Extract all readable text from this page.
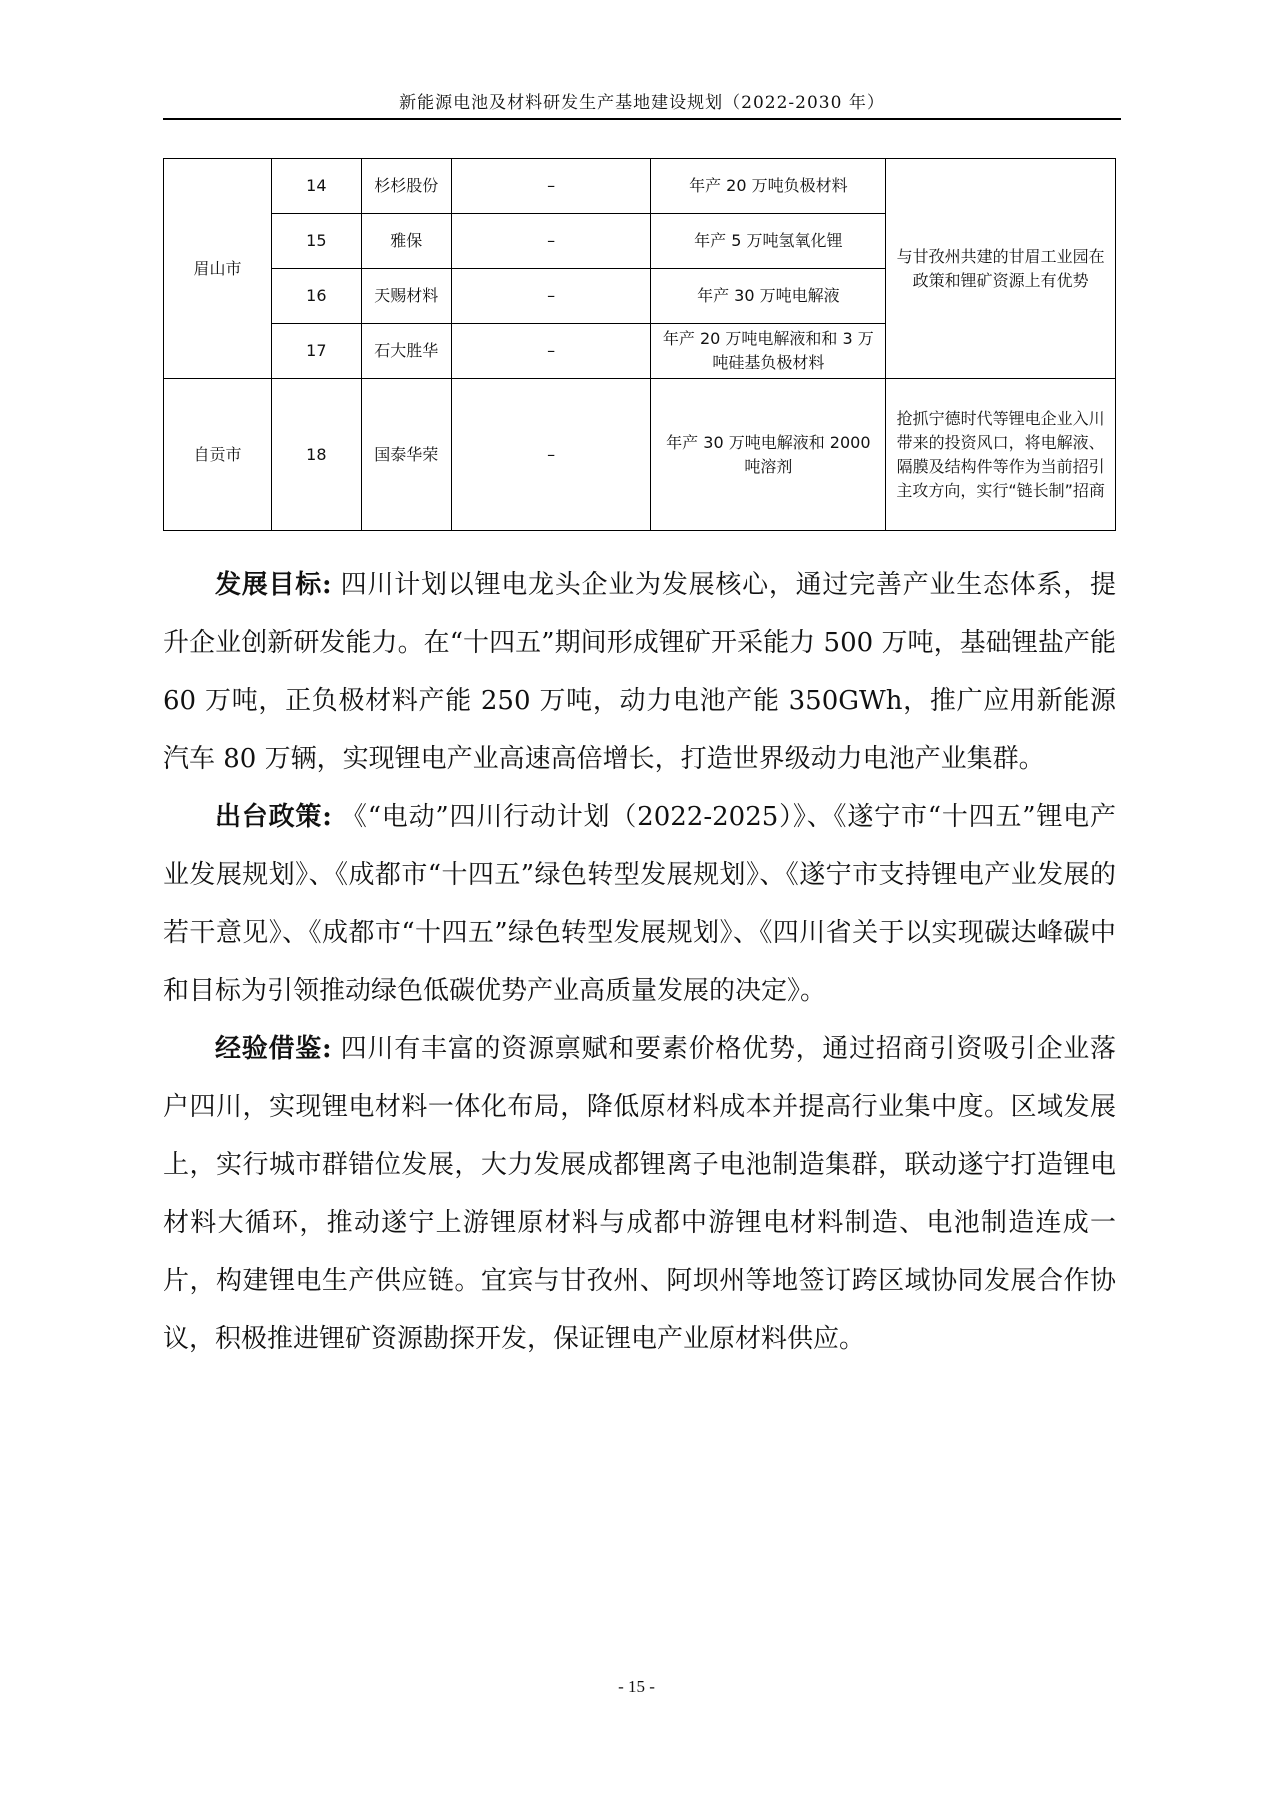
新能源电池及材料研发生产基地建设规划（2022-2030 年）
眉山市	14	杉杉股份	–	年产 20 万吨负极材料	与甘孜州共建的甘眉工业园在政策和锂矿资源上有优势
	15	雅保	–	年产 5 万吨氢氧化锂	
	16	天赐材料	–	年产 30 万吨电解液	
	17	石大胜华	–	年产 20 万吨电解液和和 3 万吨硅基负极材料	
自贡市	18	国泰华荣	–	年产 30 万吨电解液和 2000 吨溶剂	抢抓宁德时代等锂电企业入川带来的投资风口，将电解液、隔膜及结构件等作为当前招引主攻方向，实行“链长制”招商

发展目标: 四川计划以锂电龙头企业为发展核心，通过完善产业生态体系，提升企业创新研发能力。在“十四五”期间形成锂矿开采能力 500 万吨，基础锂盐产能 60 万吨，正负极材料产能 250 万吨，动力电池产能 350GWh，推广应用新能源汽车 80 万辆，实现锂电产业高速高倍增长，打造世界级动力电池产业集群。

出台政策: 《“电动”四川行动计划（2022-2025）》、《遂宁市“十四五”锂电产业发展规划》、《成都市“十四五”绿色转型发展规划》、《遂宁市支持锂电产业发展的若干意见》、《成都市“十四五”绿色转型发展规划》、《四川省关于以实现碳达峰碳中和目标为引领推动绿色低碳优势产业高质量发展的决定》。

经验借鉴: 四川有丰富的资源禀赋和要素价格优势，通过招商引资吸引企业落户四川，实现锂电材料一体化布局，降低原材料成本并提高行业集中度。区域发展上，实行城市群错位发展，大力发展成都锂离子电池制造集群，联动遂宁打造锂电材料大循环，推动遂宁上游锂原材料与成都中游锂电材料制造、电池制造连成一片，构建锂电生产供应链。宜宾与甘孜州、阿坝州等地签订跨区域协同发展合作协议，积极推进锂矿资源勘探开发，保证锂电产业原材料供应。

- 15 -
